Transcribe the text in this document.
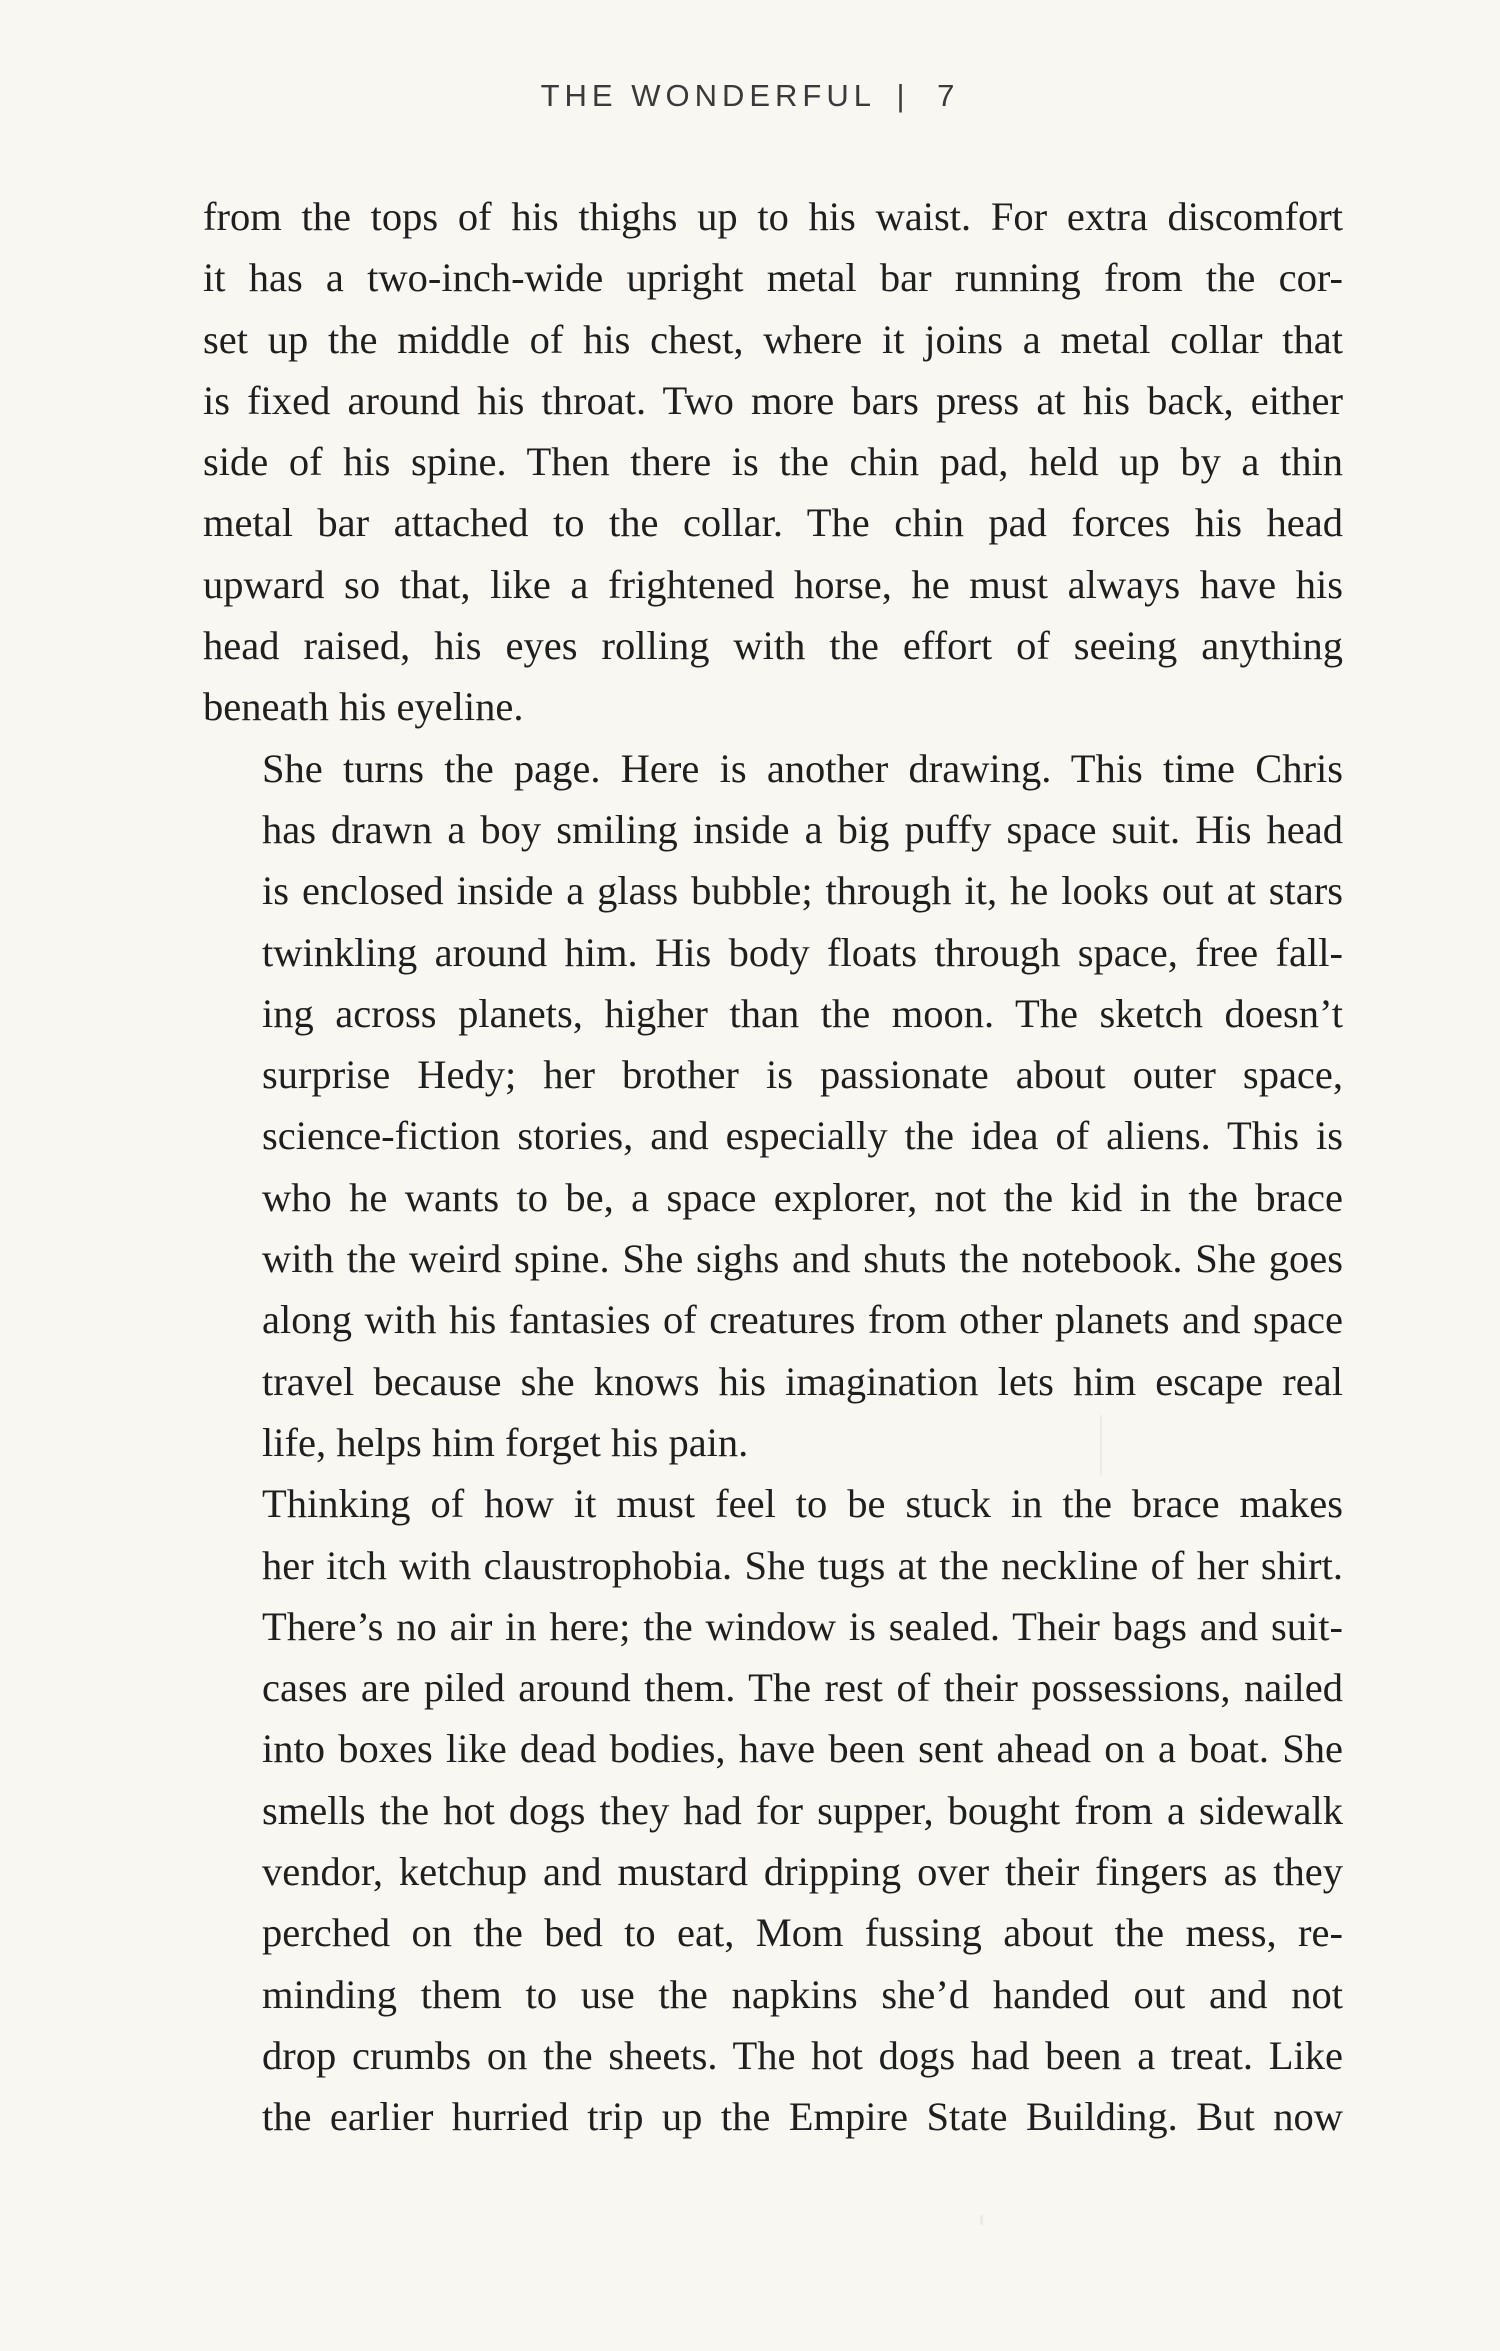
THE WONDERFUL | 7

from the tops of his thighs up to his waist. For extra discomfort
it has a two-inch-wide upright metal bar running from the cor-
set up the middle of his chest, where it joins a metal collar that
is fixed around his throat. Two more bars press at his back, either
side of his spine. Then there is the chin pad, held up by a thin
metal bar attached to the collar. The chin pad forces his head
upward so that, like a frightened horse, he must always have his
head raised, his eyes rolling with the effort of seeing anything
beneath his eyeline.

She turns the page. Here is another drawing. This time Chris
has drawn a boy smiling inside a big puffy space suit. His head
is enclosed inside a glass bubble; through it, he looks out at stars
twinkling around him. His body floats through space, free fall-
ing across planets, higher than the moon. The sketch doesn’t
surprise Hedy; her brother is passionate about outer space,
science-fiction stories, and especially the idea of aliens. This is
who he wants to be, a space explorer, not the kid in the brace
with the weird spine. She sighs and shuts the notebook. She goes
along with his fantasies of creatures from other planets and space
travel because she knows his imagination lets him escape real
life, helps him forget his pain.

Thinking of how it must feel to be stuck in the brace makes
her itch with claustrophobia. She tugs at the neckline of her shirt.
There’s no air in here; the window is sealed. Their bags and suit-
cases are piled around them. The rest of their possessions, nailed
into boxes like dead bodies, have been sent ahead on a boat. She
smells the hot dogs they had for supper, bought from a sidewalk
vendor, ketchup and mustard dripping over their fingers as they
perched on the bed to eat, Mom fussing about the mess, re-
minding them to use the napkins she’d handed out and not
drop crumbs on the sheets. The hot dogs had been a treat. Like
the earlier hurried trip up the Empire State Building. But now
